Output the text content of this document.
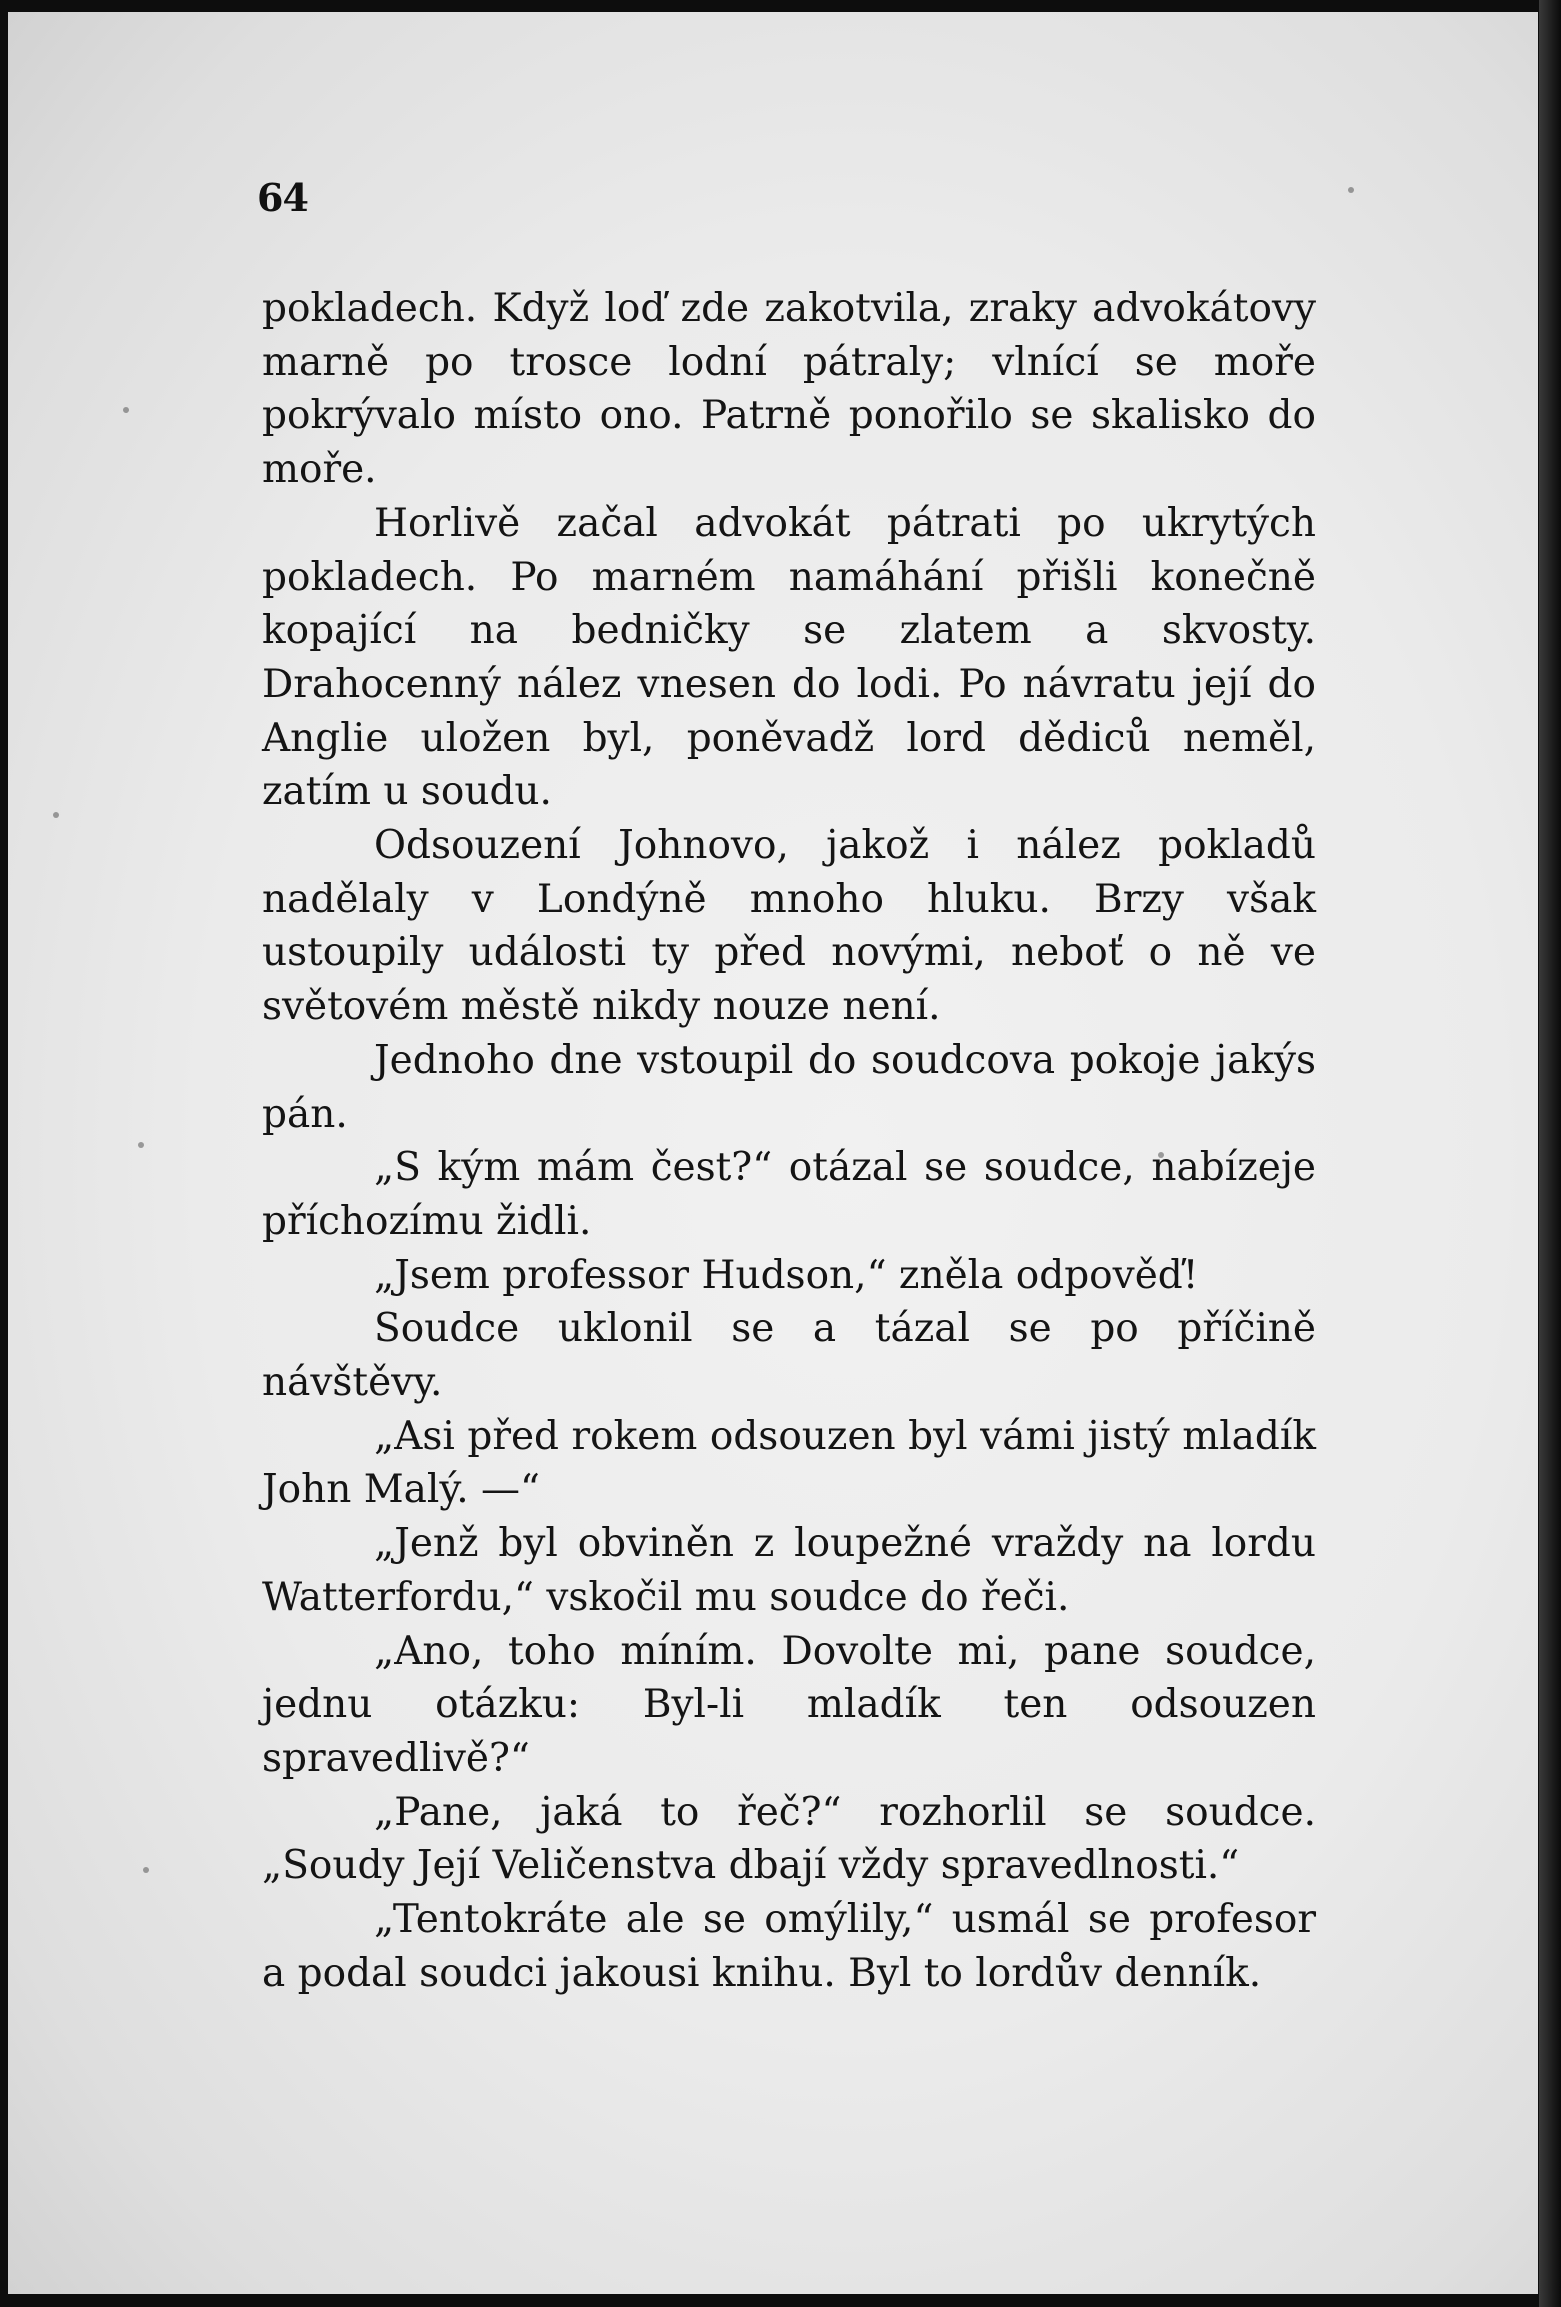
64

pokladech. Když loď zde zakotvila, zraky advokátovy marně po trosce lodní pátraly; vlnící se moře pokrývalo místo ono. Patrně ponořilo se skalisko do moře.

Horlivě začal advokát pátrati po ukrytých pokladech. Po marném namáhání přišli konečně kopající na bedničky se zlatem a skvosty. Drahocenný nález vnesen do lodi. Po návratu její do Anglie uložen byl, poněvadž lord dědiců neměl, zatím u soudu.

Odsouzení Johnovo, jakož i nález pokladů nadělaly v Londýně mnoho hluku. Brzy však ustoupily události ty před novými, neboť o ně ve světovém městě nikdy nouze není.

Jednoho dne vstoupil do soudcova pokoje jakýs pán.

„S kým mám čest?“ otázal se soudce, nabízeje příchozímu židli.

„Jsem professor Hudson,“ zněla odpověď!

Soudce uklonil se a tázal se po příčině návštěvy.

„Asi před rokem odsouzen byl vámi jistý mladík John Malý. —“

„Jenž byl obviněn z loupežné vraždy na lordu Watterfordu,“ vskočil mu soudce do řeči.

„Ano, toho míním. Dovolte mi, pane soudce, jednu otázku: Byl-li mladík ten odsouzen spravedlivě?“

„Pane, jaká to řeč?“ rozhorlil se soudce. „Soudy Její Veličenstva dbají vždy spravedlnosti.“

„Tentokráte ale se omýlily,“ usmál se profesor a podal soudci jakousi knihu. Byl to lordův denník.
